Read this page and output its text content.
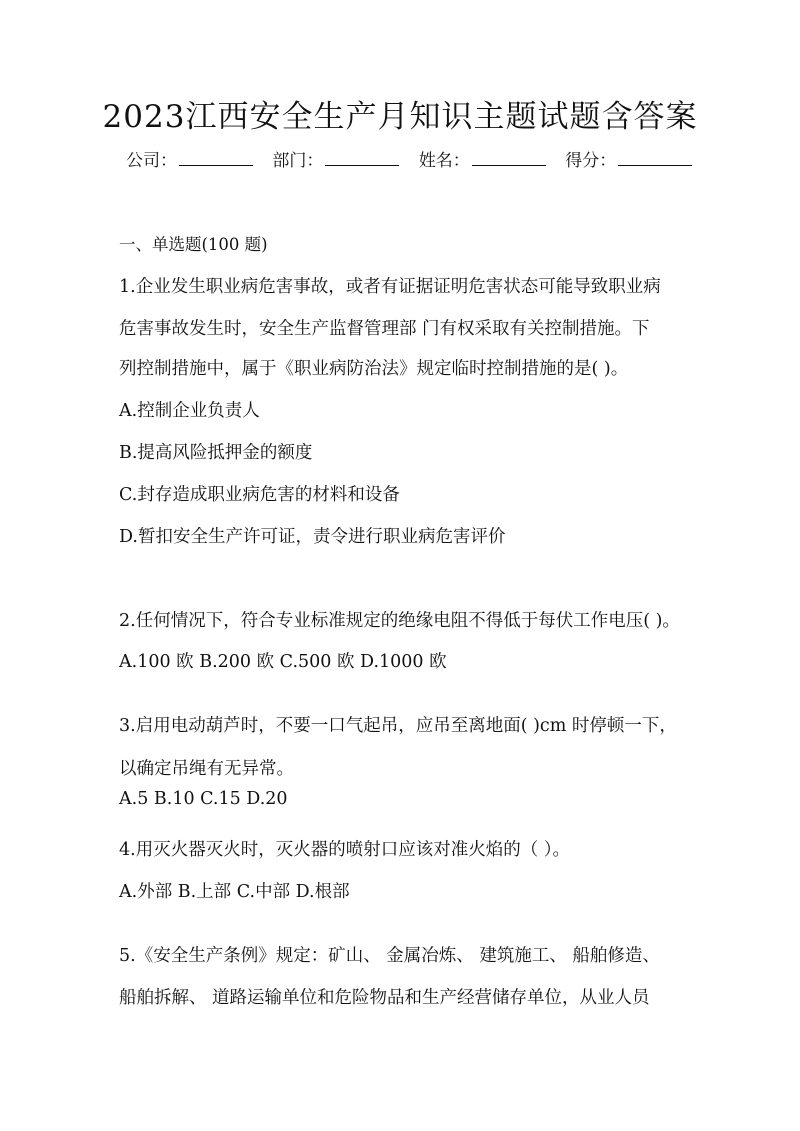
2023江西安全生产月知识主题试题含答案
公司：	部门：	姓名：	得分：
一、单选题(100 题)
1.企业发生职业病危害事故，或者有证据证明危害状态可能导致职业病
危害事故发生时，安全生产监督管理部 门有权采取有关控制措施。下
列控制措施中，属于《职业病防治法》规定临时控制措施的是( )。
A.控制企业负责人
B.提高风险抵押金的额度
C.封存造成职业病危害的材料和设备
D.暂扣安全生产许可证，责令进行职业病危害评价
2.任何情况下，符合专业标准规定的绝缘电阻不得低于每伏工作电压( )。
A.100 欧 B.200 欧 C.500 欧 D.1000 欧
3.启用电动葫芦时，不要一口气起吊，应吊至离地面( )cm 时停顿一下，
以确定吊绳有无异常。
A.5 B.10 C.15 D.20
4.用灭火器灭火时，灭火器的喷射口应该对准火焰的（ ）。
A.外部 B.上部 C.中部 D.根部
5.《安全生产条例》规定：矿山、 金属冶炼、 建筑施工、 船舶修造、
船舶拆解、 道路运输单位和危险物品和生产经营储存单位，从业人员
